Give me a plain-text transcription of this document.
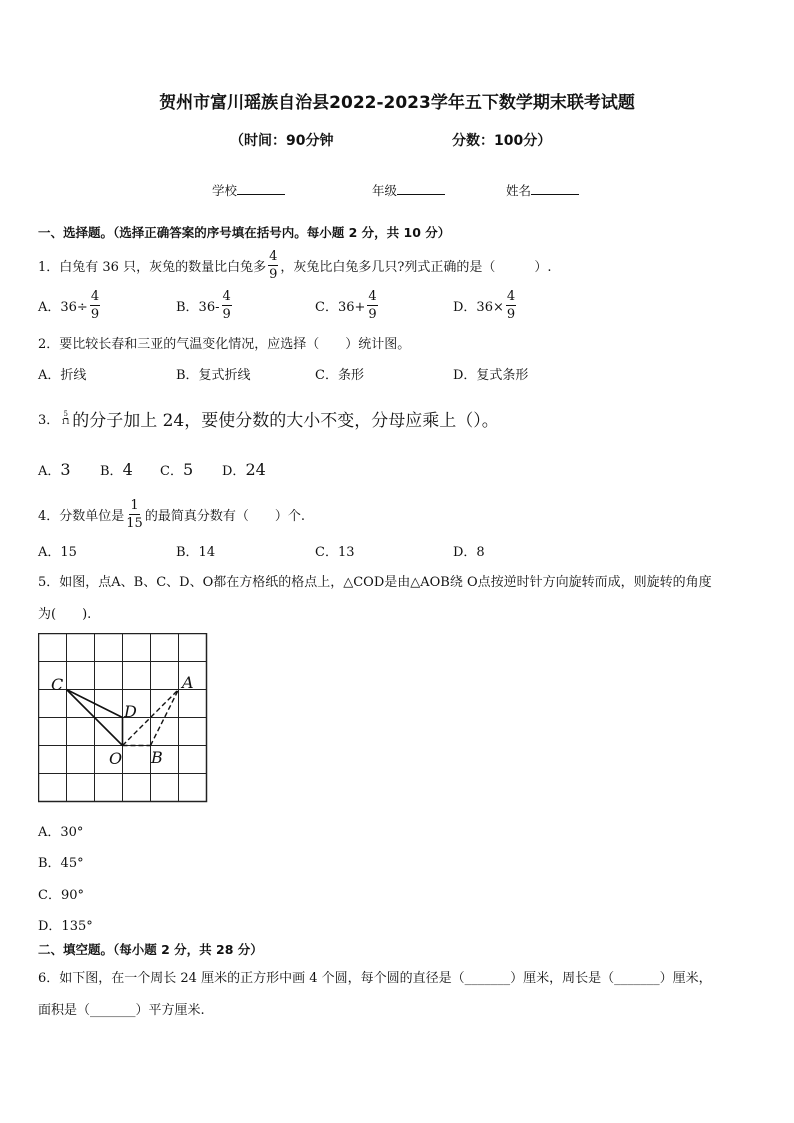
贺州市富川瑶族自治县2022-2023学年五下数学期末联考试题
（时间：90分钟	分数：100分）
学校	年级	姓名
一、选择题。（选择正确答案的序号填在括号内。每小题 2 分，共 10 分）
1．白兔有 36 只，灰兔的数量比白兔多 $\frac{4}{9}$ ，灰兔比白兔多几只?列式正确的是（　　　）.
A．$36\div \frac{4}{9}$	B．$36- \frac{4}{9}$	C．$36+ \frac{4}{9}$	D．$36\times \frac{4}{9}$
2．要比较长春和三亚的气温变化情况，应选择（　　）统计图。
A．折线	B．复式折线	C．条形	D．复式条形
3． $\frac{5}{11}$ 的分子加上 24，要使分数的大小不变，分母应乘上（）。
A． 3 B． 4 C． 5 D． 24
4．分数单位是 $\frac{1}{15}$ 的最简真分数有（　　）个.
A．15	B．14	C．13	D．8
5．如图，点A、B、C、D、O都在方格纸的格点上，△COD是由△AOB绕 O点按逆时针方向旋转而成，则旋转的角度
为(　　).
C	A
D
O B
A．30°
B．45°
C．90°
D．135°
二、填空题。（每小题 2 分，共 28 分）
6．如下图，在一个周长 24 厘米的正方形中画 4 个圆，每个圆的直径是（_______）厘米，周长是（_______）厘米，
面积是（_______）平方厘米.
